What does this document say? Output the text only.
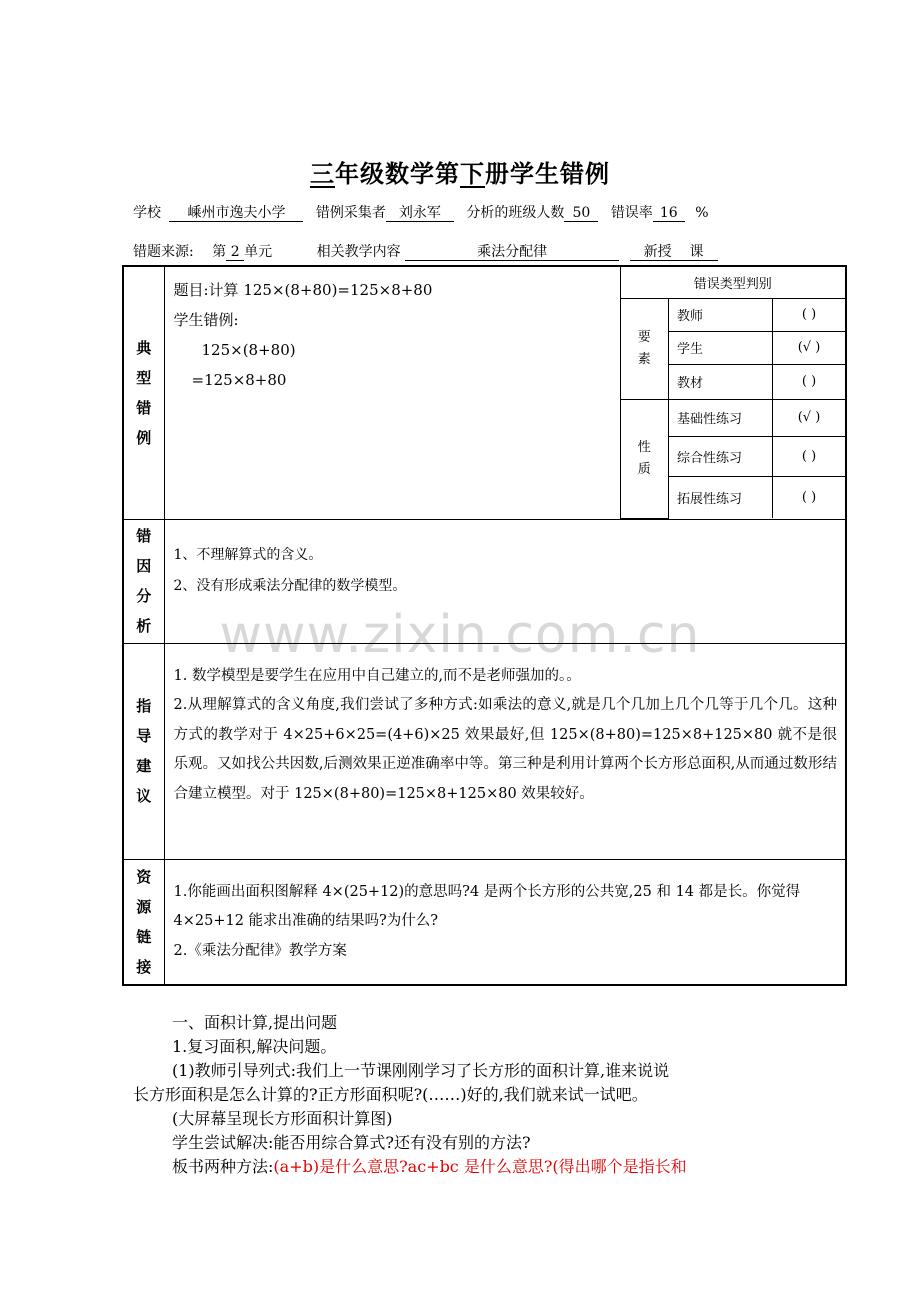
www.zixin.com.cn
三年级数学第下册学生错例
学校 嵊州市逸夫小学 错例采集者 刘永军 分析的班级人数 50 错误率 16 %
错题来源: 第 2 单元	相关教学内容	乘法分配律	新授 课
典
型
错
例	
题目:计算 125×(8+80)=125×8+80
学生错例:
125×(8+80)
=125×8+80

错误类型判别
要
素	教师	( )
学生	(√ )
教材	( )
性
质	基础性练习	(√ )
综合性练习	( )
拓展性练习	( )

错
因
分
析	
1、不理解算式的含义。
2、没有形成乘法分配律的数学模型。

指
导
建
议	
1. 数学模型是要学生在应用中自己建立的,而不是老师强加的。。
2.从理解算式的含义角度,我们尝试了多种方式:如乘法的意义,就是几个几加上几个几等于几个几。这种方式的教学对于 4×25+6×25=(4+6)×25 效果最好,但 125×(8+80)=125×8+125×80 就不是很乐观。又如找公共因数,后测效果正逆准确率中等。第三种是利用计算两个长方形总面积,从而通过数形结合建立模型。对于 125×(8+80)=125×8+125×80 效果较好。

资
源
链
接	
1.你能画出面积图解释 4×(25+12)的意思吗?4 是两个长方形的公共宽,25 和 14 都是长。你觉得 4×25+12 能求出准确的结果吗?为什么?
2.《乘法分配律》教学方案
一、面积计算,提出问题
1.复习面积,解决问题。
(1)教师引导列式:我们上一节课刚刚学习了长方形的面积计算,谁来说说
长方形面积是怎么计算的?正方形面积呢?(……)好的,我们就来试一试吧。
(大屏幕呈现长方形面积计算图)
学生尝试解决:能否用综合算式?还有没有别的方法?
板书两种方法:(a+b)是什么意思?ac+bc 是什么意思?(得出哪个是指长和
